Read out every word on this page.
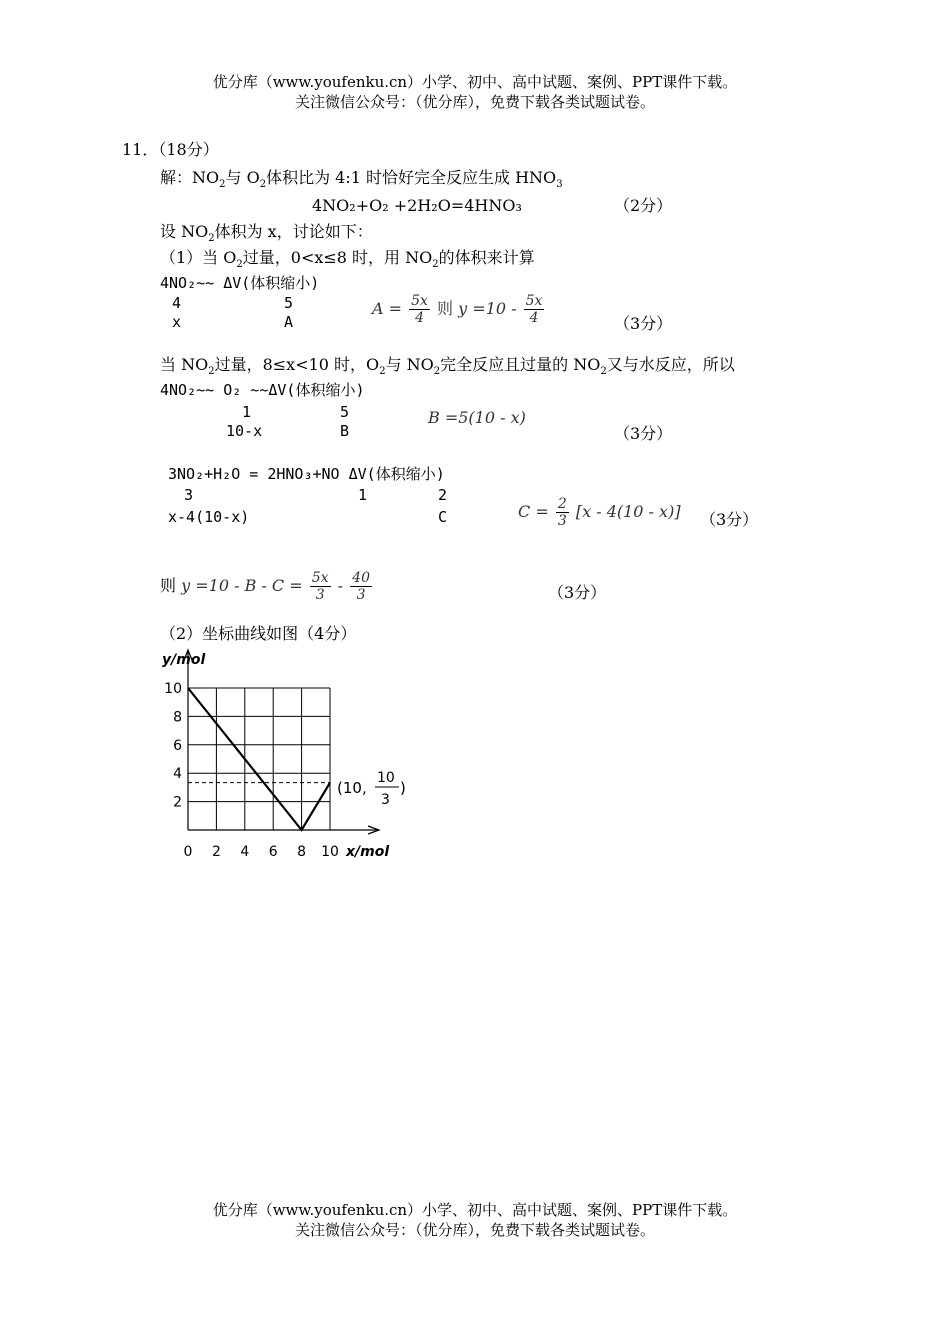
优分库（www.youfenku.cn）小学、初中、高中试题、案例、PPT课件下载。
关注微信公众号：（优分库），免费下载各类试题试卷。
11．（18分）
解：$NO_2$与 $O_2$体积比为 4:1 时恰好完全反应生成 $HNO_3$
4NO₂+O₂ +2H₂O=4HNO₃	（2分）
设 $NO_2$体积为 x，讨论如下：
（1）当 $O_2$过量，0<x≤8 时，用 $NO_2$的体积来计算
4NO₂~~ ΔV(体积缩小)
4	5
x	A
$A = \frac{5x}{4}$ 则 $y =10 - \frac{5x}{4}$	（3分）
当 $NO_2$过量，8≤x<10 时，$O_2$与 $NO_2$完全反应且过量的 $NO_2$又与水反应，所以
4NO₂~~ O₂ ~~ΔV(体积缩小)
1	5
10-x	B
B =5(10 - x)
（3分）
3NO₂+H₂O = 2HNO₃+NO ΔV(体积缩小)
3	1	2
x-4(10-x)	C	$C = \frac{2}{3} [x - 4(10 - x)]$ （3分）
则 $y =10 - B - C = \frac{5x}{3} - \frac{40}{3}$	（3分）
（2）坐标曲线如图（4分）
0 2 4 6 8 10
10
8
6
4
2
y/mol
x/mol
(10,
10
3
)
优分库（www.youfenku.cn）小学、初中、高中试题、案例、PPT课件下载。
关注微信公众号：（优分库），免费下载各类试题试卷。
